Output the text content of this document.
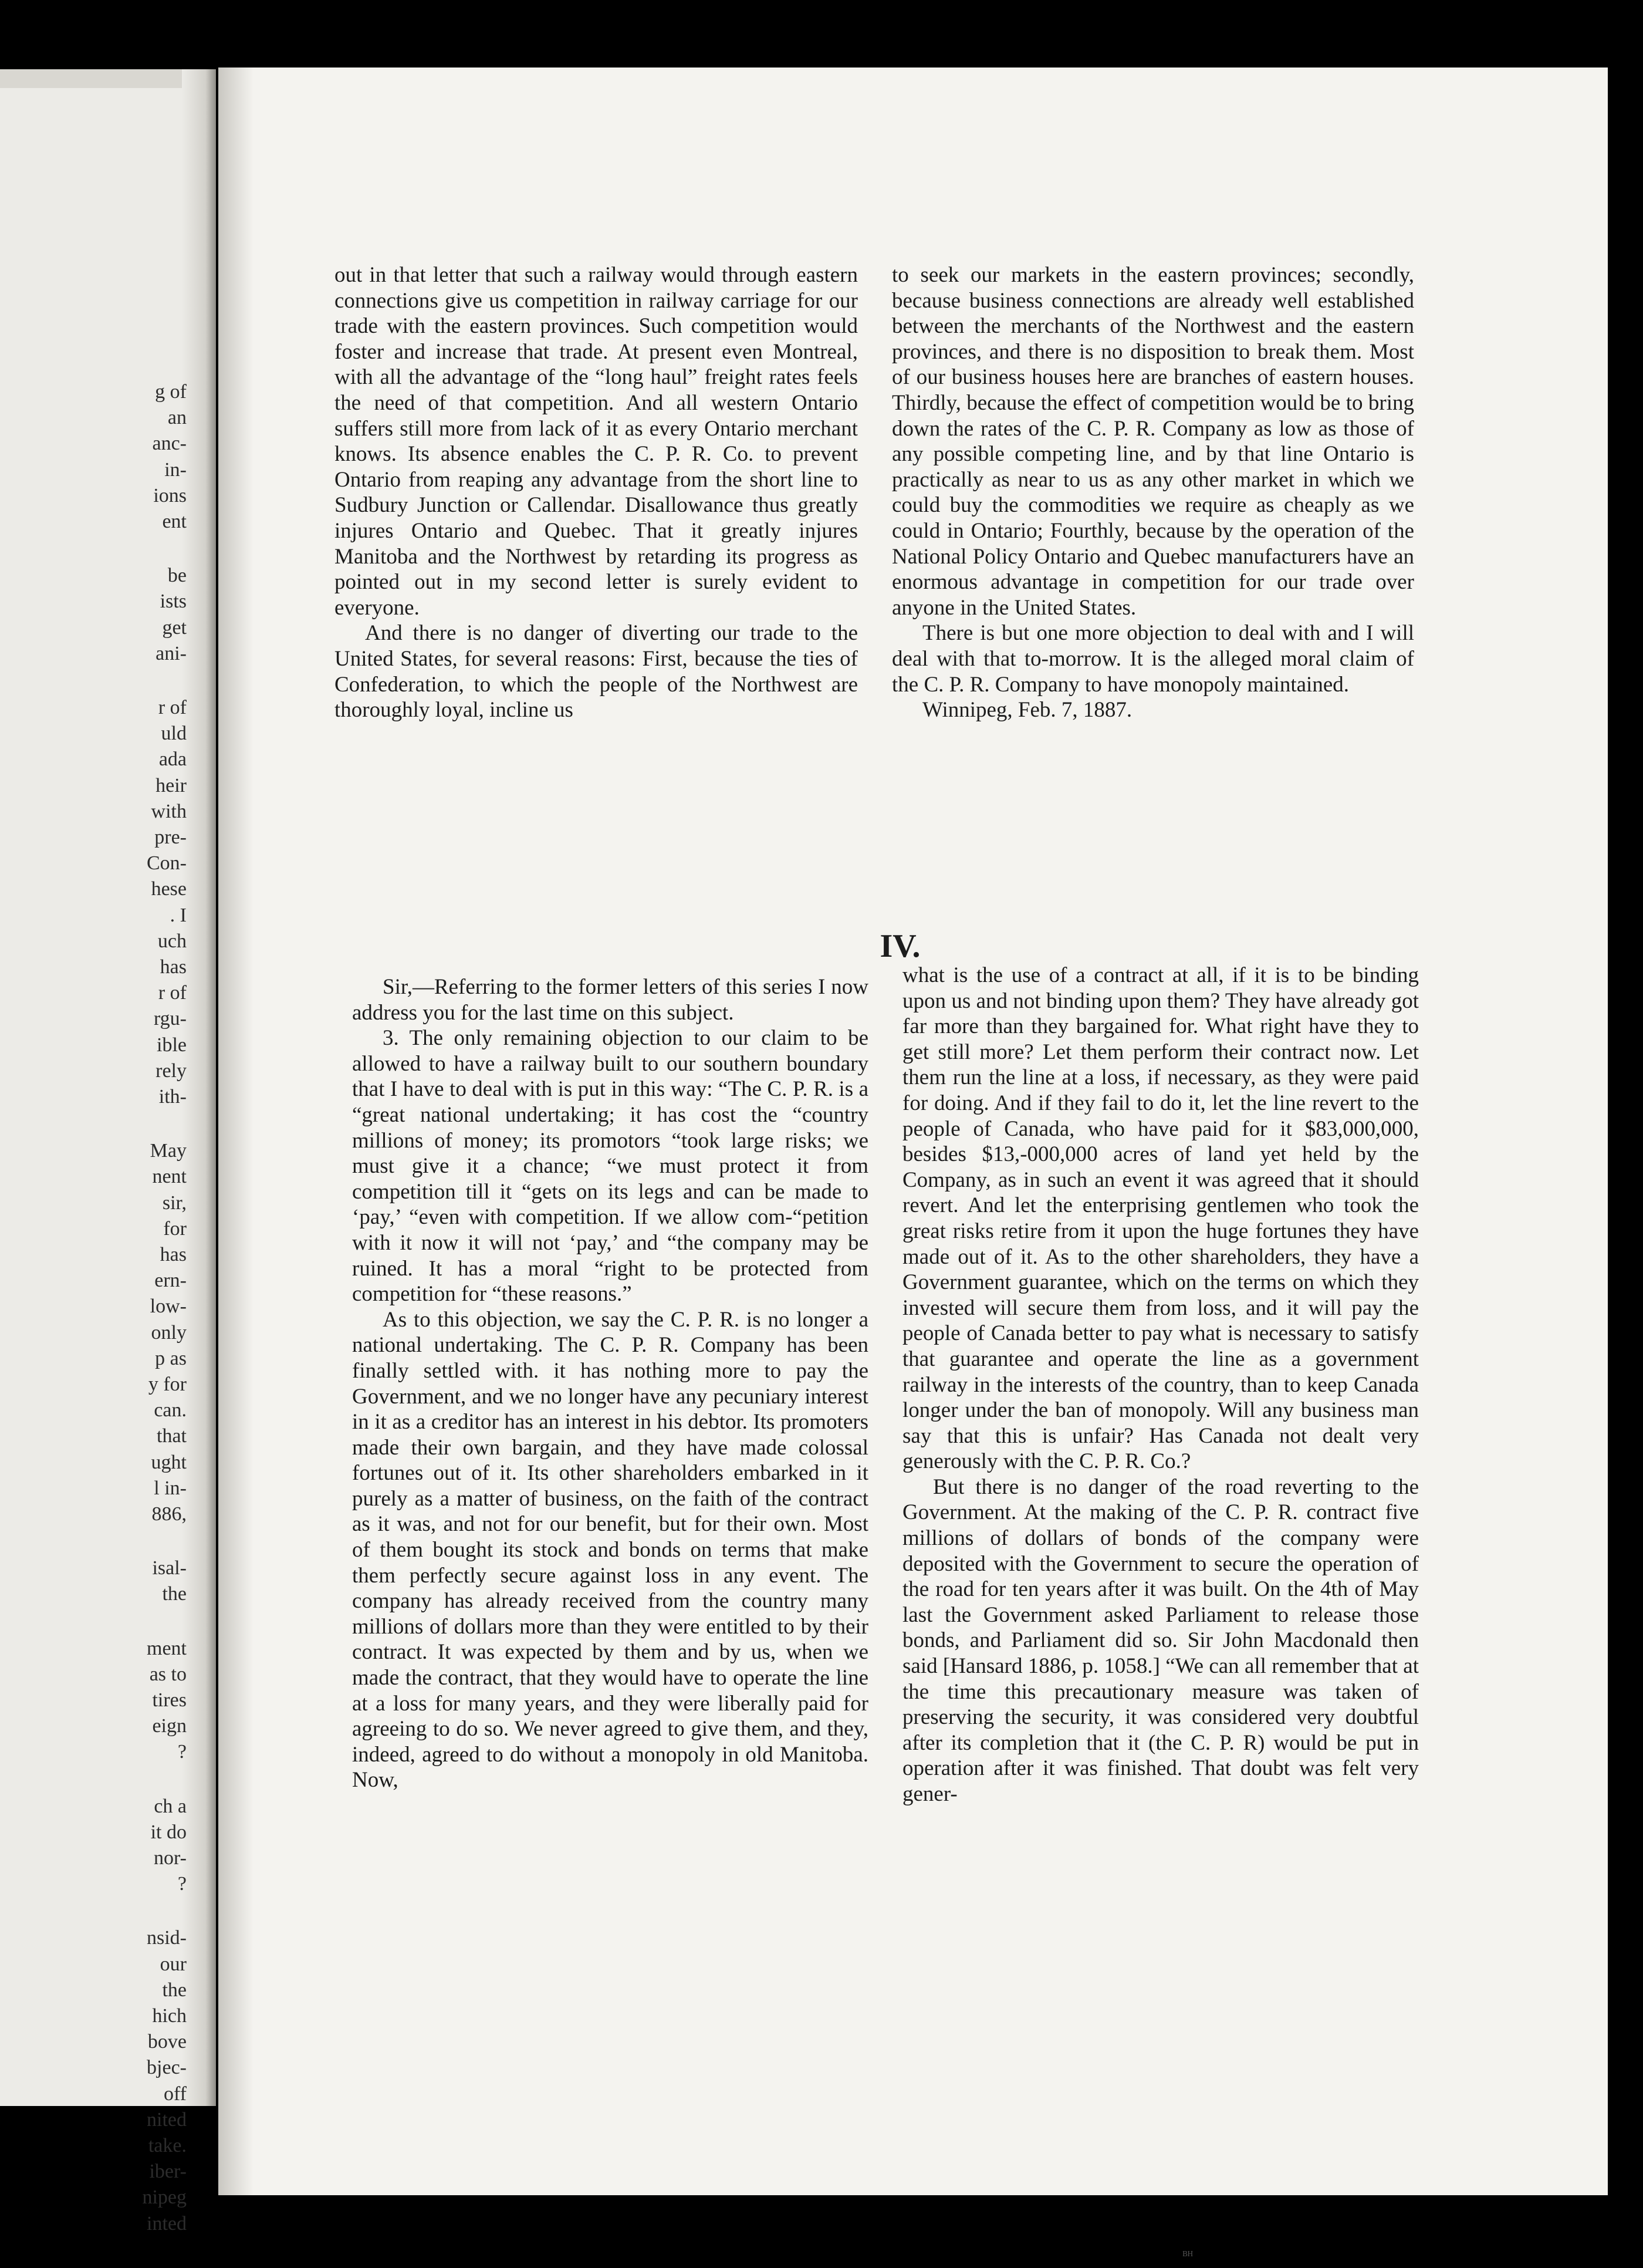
g of

an

anc-

in-

ions

ent

be

ists

get

ani-

r of

uld

ada

heir

with

pre-

Con-

hese

. I

uch

has

r of

rgu-

ible

rely

ith-

May

nent

sir,

for

has

ern-

low-

only

p as

y for

can.

that

ught

l in-

886,

isal-

the

ment

as to

tires

eign

?

ch a

it do

nor-

?

nsid-

our

the

hich

bove

bjec-

off

nited

take.

iber-

nipeg

inted

out in that letter that such a railway would through eastern connections give us competition in railway carriage for our trade with the eastern provinces. Such competition would foster and increase that trade. At present even Montreal, with all the advantage of the “long haul” freight rates feels the need of that competition. And all western Ontario suffers still more from lack of it as every Ontario merchant knows. Its absence enables the C. P. R. Co. to prevent Ontario from reaping any advantage from the short line to Sudbury Junction or Callendar. Disallowance thus greatly injures Ontario and Quebec. That it greatly injures Manitoba and the Northwest by retarding its progress as pointed out in my second letter is surely evident to everyone.

And there is no danger of diverting our trade to the United States, for several reasons: First, because the ties of Confederation, to which the people of the Northwest are thoroughly loyal, incline us

to seek our markets in the eastern provinces; secondly, because business connections are already well established between the merchants of the Northwest and the eastern provinces, and there is no disposition to break them. Most of our business houses here are branches of eastern houses. Thirdly, because the effect of competition would be to bring down the rates of the C. P. R. Company as low as those of any possible competing line, and by that line Ontario is practically as near to us as any other market in which we could buy the commodities we require as cheaply as we could in Ontario; Fourthly, because by the operation of the National Policy Ontario and Quebec manufacturers have an enormous advantage in competition for our trade over anyone in the United States.

There is but one more objection to deal with and I will deal with that to-morrow. It is the alleged moral claim of the C. P. R. Company to have monopoly maintained.

Winnipeg, Feb. 7, 1887.

IV.

Sir,—Referring to the former letters of this series I now address you for the last time on this subject.

3. The only remaining objection to our claim to be allowed to have a railway built to our southern boundary that I have to deal with is put in this way: “The C. P. R. is a “great national undertaking; it has cost the “country millions of money; its promotors “took large risks; we must give it a chance; “we must protect it from competition till it “gets on its legs and can be made to ‘pay,’ “even with competition. If we allow com-“petition with it now it will not ‘pay,’ and “the company may be ruined. It has a moral “right to be protected from competition for “these reasons.”

As to this objection, we say the C. P. R. is no longer a national undertaking. The C. P. R. Company has been finally settled with. it has nothing more to pay the Government, and we no longer have any pecuniary interest in it as a creditor has an interest in his debtor. Its promoters made their own bargain, and they have made colossal fortunes out of it. Its other shareholders embarked in it purely as a matter of business, on the faith of the contract as it was, and not for our benefit, but for their own. Most of them bought its stock and bonds on terms that make them perfectly secure against loss in any event. The company has already received from the country many millions of dollars more than they were entitled to by their contract. It was expected by them and by us, when we made the contract, that they would have to operate the line at a loss for many years, and they were liberally paid for agreeing to do so. We never agreed to give them, and they, indeed, agreed to do without a monopoly in old Manitoba. Now,

what is the use of a contract at all, if it is to be binding upon us and not binding upon them? They have already got far more than they bargained for. What right have they to get still more? Let them perform their contract now. Let them run the line at a loss, if necessary, as they were paid for doing. And if they fail to do it, let the line revert to the people of Canada, who have paid for it $83,000,000, besides $13,-000,000 acres of land yet held by the Company, as in such an event it was agreed that it should revert. And let the enterprising gentlemen who took the great risks retire from it upon the huge fortunes they have made out of it. As to the other shareholders, they have a Government guarantee, which on the terms on which they invested will secure them from loss, and it will pay the people of Canada better to pay what is necessary to satisfy that guarantee and operate the line as a government railway in the interests of the country, than to keep Canada longer under the ban of monopoly. Will any business man say that this is unfair? Has Canada not dealt very generously with the C. P. R. Co.?

But there is no danger of the road reverting to the Government. At the making of the C. P. R. contract five millions of dollars of bonds of the company were deposited with the Government to secure the operation of the road for ten years after it was built. On the 4th of May last the Government asked Parliament to release those bonds, and Parliament did so. Sir John Macdonald then said [Hansard 1886, p. 1058.] “We can all remember that at the time this precautionary measure was taken of preserving the security, it was considered very doubtful after its completion that it (the C. P. R) would be put in operation after it was finished. That doubt was felt very gener-

ᴮᴴ
